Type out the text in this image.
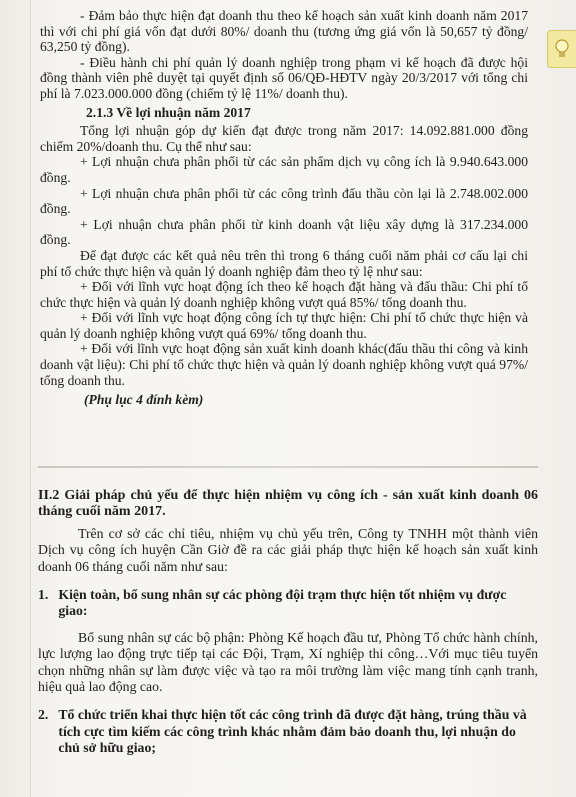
- Đảm bảo thực hiện đạt doanh thu theo kế hoạch sản xuất kinh doanh năm 2017 thì với chi phí giá vốn đạt dưới 80%/ doanh thu (tương ứng giá vốn là 50,657 tỷ đồng/ 63,250 tỷ đồng).

- Điều hành chi phí quản lý doanh nghiệp trong phạm vi kế hoạch đã được hội đồng thành viên phê duyệt tại quyết định số 06/QĐ-HĐTV ngày 20/3/2017 với tổng chi phí là 7.023.000.000 đồng (chiếm tỷ lệ 11%/ doanh thu).

2.1.3 Về lợi nhuận năm 2017

Tổng lợi nhuận góp dự kiến đạt được trong năm 2017: 14.092.881.000 đồng chiếm 20%/doanh thu. Cụ thể như sau:

+ Lợi nhuận chưa phân phối từ các sản phẩm dịch vụ công ích là 9.940.643.000 đồng.

+ Lợi nhuận chưa phân phối từ các công trình đấu thầu còn lại là 2.748.002.000 đồng.

+ Lợi nhuận chưa phân phối từ kinh doanh vật liệu xây dựng là 317.234.000 đồng.

Để đạt được các kết quả nêu trên thì trong 6 tháng cuối năm phải cơ cấu lại chi phí tổ chức thực hiện và quản lý doanh nghiệp đảm theo tỷ lệ như sau:

+ Đối với lĩnh vực hoạt động ích theo kế hoạch đặt hàng và đấu thầu: Chi phí tổ chức thực hiện và quản lý doanh nghiệp không vượt quá 85%/ tổng doanh thu.

+ Đối với lĩnh vực hoạt động công ích tự thực hiện: Chi phí tổ chức thực hiện và quản lý doanh nghiệp không vượt quá 69%/ tổng doanh thu.

+ Đối với lĩnh vực hoạt động sản xuất kinh doanh khác(đấu thầu thi công và kinh doanh vật liệu): Chi phí tổ chức thực hiện và quản lý doanh nghiệp không vượt quá 97%/ tổng doanh thu.

(Phụ lục 4 đính kèm)

II.2 Giải pháp chủ yếu để thực hiện nhiệm vụ công ích - sản xuất kinh doanh 06 tháng cuối năm 2017.

Trên cơ sở các chỉ tiêu, nhiệm vụ chủ yếu trên, Công ty TNHH một thành viên Dịch vụ công ích huyện Cần Giờ đề ra các giải pháp thực hiện kế hoạch sản xuất kinh doanh 06 tháng cuối năm như sau:

1. Kiện toàn, bổ sung nhân sự các phòng đội trạm thực hiện tốt nhiệm vụ được giao:

Bổ sung nhân sự các bộ phận: Phòng Kế hoạch đầu tư, Phòng Tổ chức hành chính, lực lượng lao động trực tiếp tại các Đội, Trạm, Xí nghiệp thi công…Với mục tiêu tuyển chọn những nhân sự làm được việc và tạo ra môi trường làm việc mang tính cạnh tranh, hiệu quả lao động cao.

2. Tổ chức triển khai thực hiện tốt các công trình đã được đặt hàng, trúng thầu và tích cực tìm kiếm các công trình khác nhằm đảm bảo doanh thu, lợi nhuận do chủ sở hữu giao;
